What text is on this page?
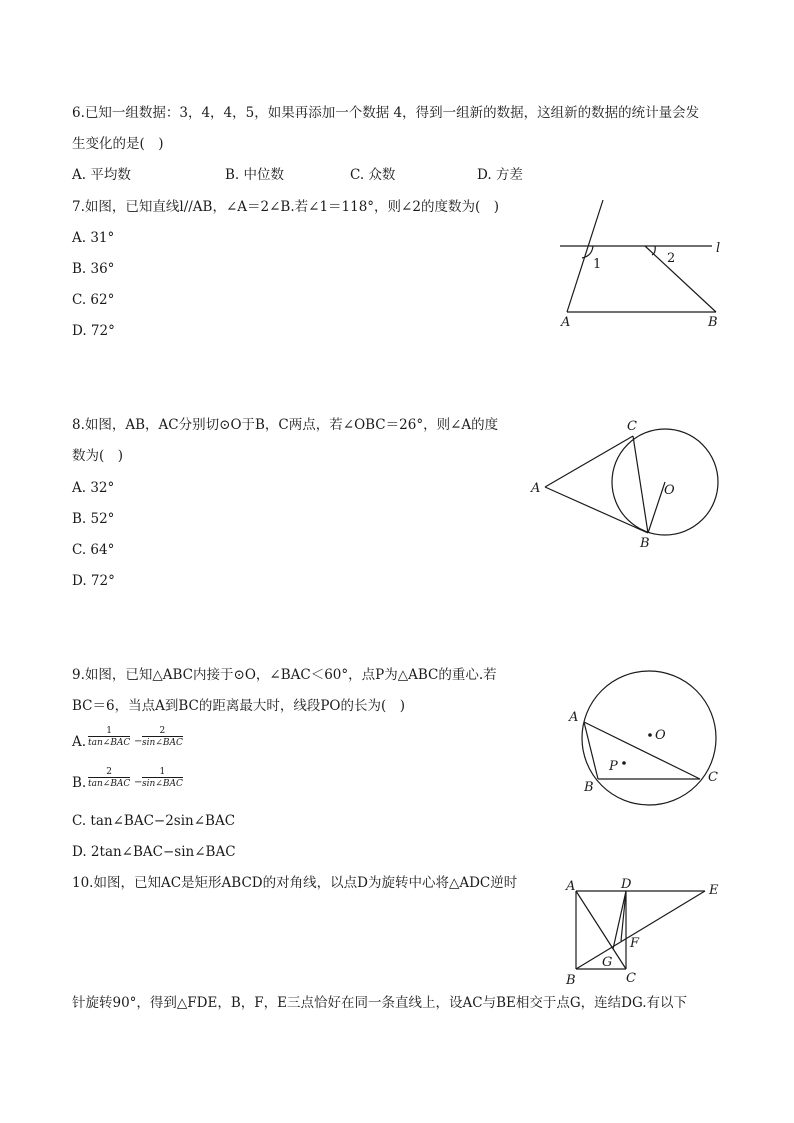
6.已知一组数据：3，4，4，5，如果再添加一个数据 4，得到一组新的数据，这组新的数据的统计量会发
生变化的是(　)
A. 平均数	B. 中位数	C. 众数	D. 方差
7.如图，已知直线l//AB，∠A＝2∠B.若∠1＝118°，则∠2的度数为(　)
A. 31°
B. 36°
C. 62°
D. 72°
1	2
l
A	B
8.如图，AB，AC分别切⊙O于B，C两点，若∠OBC＝26°，则∠A的度
数为(　)
A. 32°
B. 52°
C. 64°
D. 72°
A
C
O
B
9.如图，已知△ABC内接于⊙O，∠BAC＜60°，点P为△ABC的重心.若
BC＝6，当点A到BC的距离最大时，线段PO的长为(　)
A.
1
tan∠BAC −
2
sin∠BAC
B.
2
tan∠BAC −
1
sin∠BAC
C. tan∠BAC−2sin∠BAC
D. 2tan∠BAC−sin∠BAC
A
O
P
B
C
10.如图，已知AC是矩形ABCD的对角线，以点D为旋转中心将△ADC逆时
针旋转90°，得到△FDE，B，F，E三点恰好在同一条直线上，设AC与BE相交于点G，连结DG.有以下
A	D	E
F
G
B	C
